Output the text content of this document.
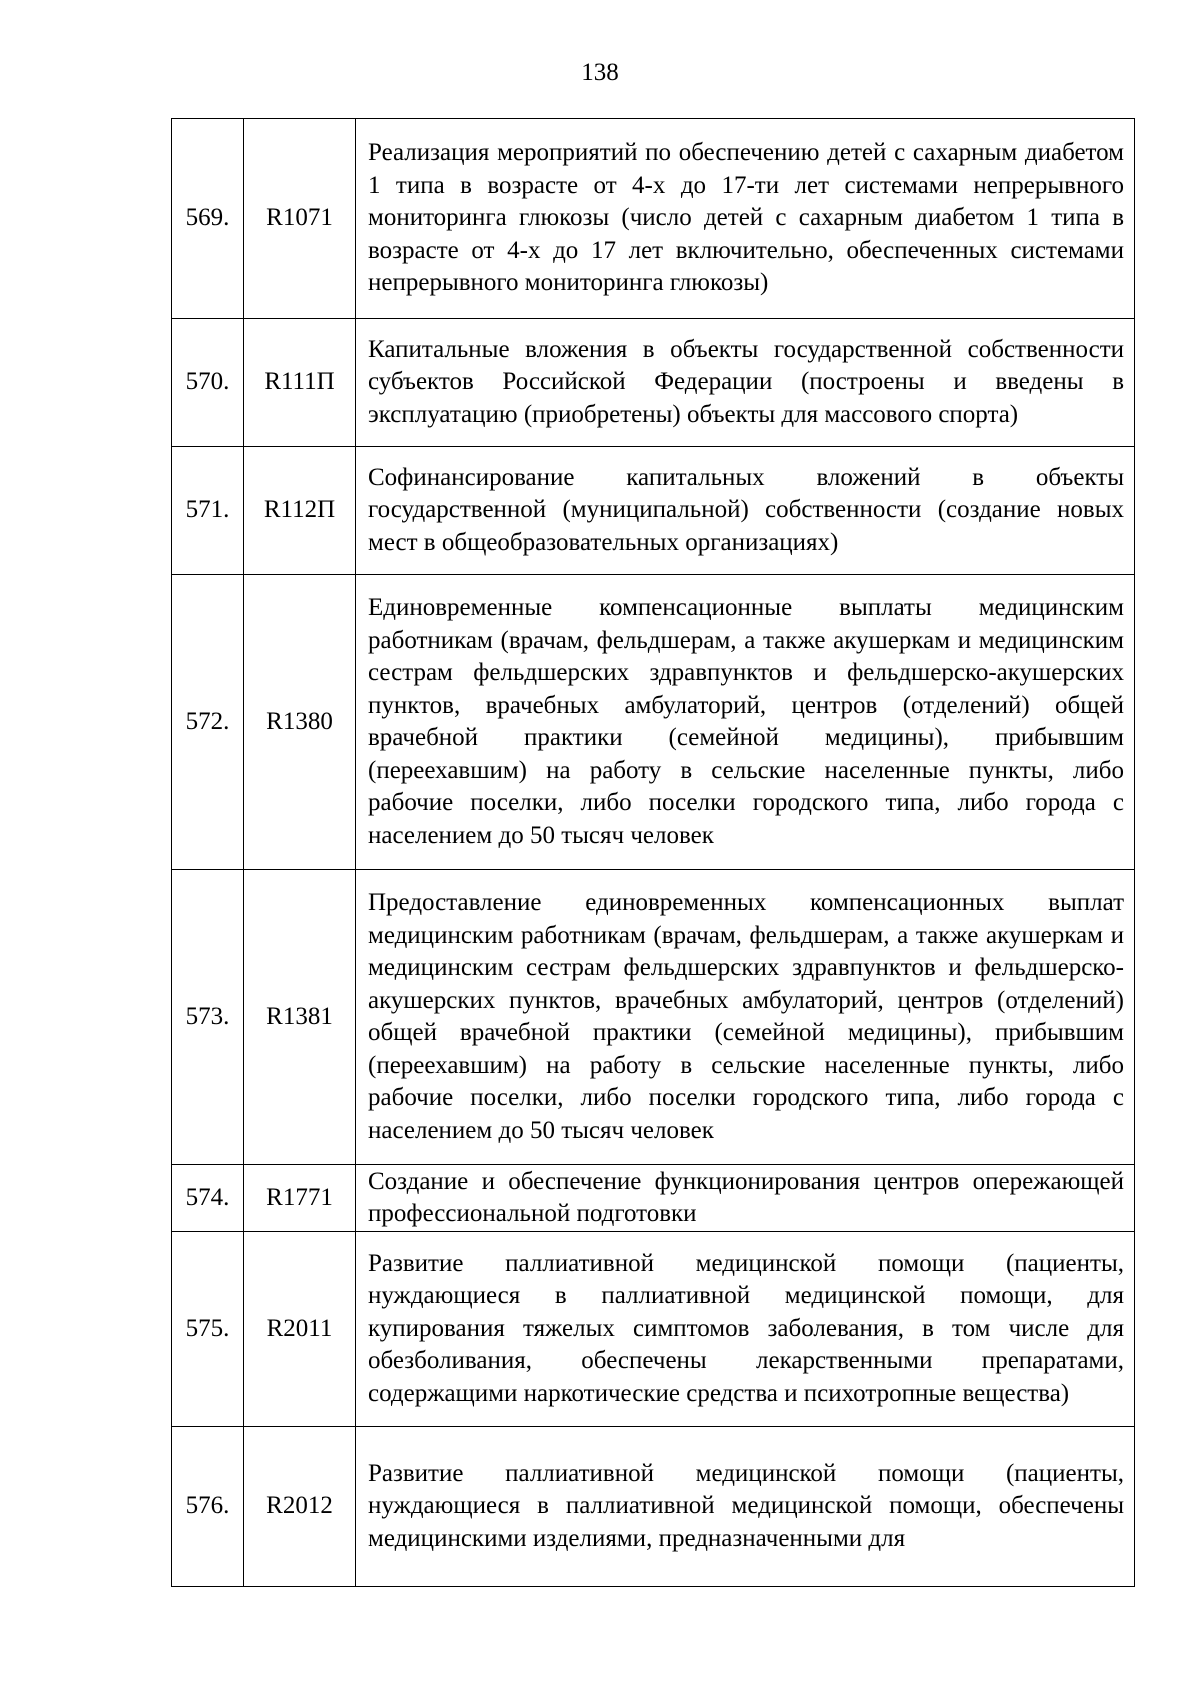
138
569.	R1071	Реализация мероприятий по обеспечению детей с сахарным диабетом 1 типа в возрасте от 4-х до 17-ти лет системами непрерывного мониторинга глюкозы (число детей с сахарным диабетом 1 типа в возрасте от 4-х до 17 лет включительно, обеспеченных системами непрерывного мониторинга глюкозы)
570.	R111П	Капитальные вложения в объекты государственной собственности субъектов Российской Федерации (построены и введены в эксплуатацию (приобретены) объекты для массового спорта)
571.	R112П	Софинансирование капитальных вложений в объекты государственной (муниципальной) собственности (создание новых мест в общеобразовательных организациях)
572.	R1380	Единовременные компенсационные выплаты медицинским работникам (врачам, фельдшерам, а также акушеркам и медицинским сестрам фельдшерских здравпунктов и фельдшерско-акушерских пунктов, врачебных амбулаторий, центров (отделений) общей врачебной практики (семейной медицины), прибывшим (переехавшим) на работу в сельские населенные пункты, либо рабочие поселки, либо поселки городского типа, либо города с населением до 50 тысяч человек
573.	R1381	Предоставление единовременных компенсационных выплат медицинским работникам (врачам, фельдшерам, а также акушеркам и медицинским сестрам фельдшерских здравпунктов и фельдшерско-акушерских пунктов, врачебных амбулаторий, центров (отделений) общей врачебной практики (семейной медицины), прибывшим (переехавшим) на работу в сельские населенные пункты, либо рабочие поселки, либо поселки городского типа, либо города с населением до 50 тысяч человек
574.	R1771	Создание и обеспечение функционирования центров опережающей профессиональной подготовки
575.	R2011	Развитие паллиативной медицинской помощи (пациенты, нуждающиеся в паллиативной медицинской помощи, для купирования тяжелых симптомов заболевания, в том числе для обезболивания, обеспечены лекарственными препаратами, содержащими наркотические средства и психотропные вещества)
576.	R2012	Развитие паллиативной медицинской помощи (пациенты, нуждающиеся в паллиативной медицинской помощи, обеспечены медицинскими изделиями, предназначенными для
